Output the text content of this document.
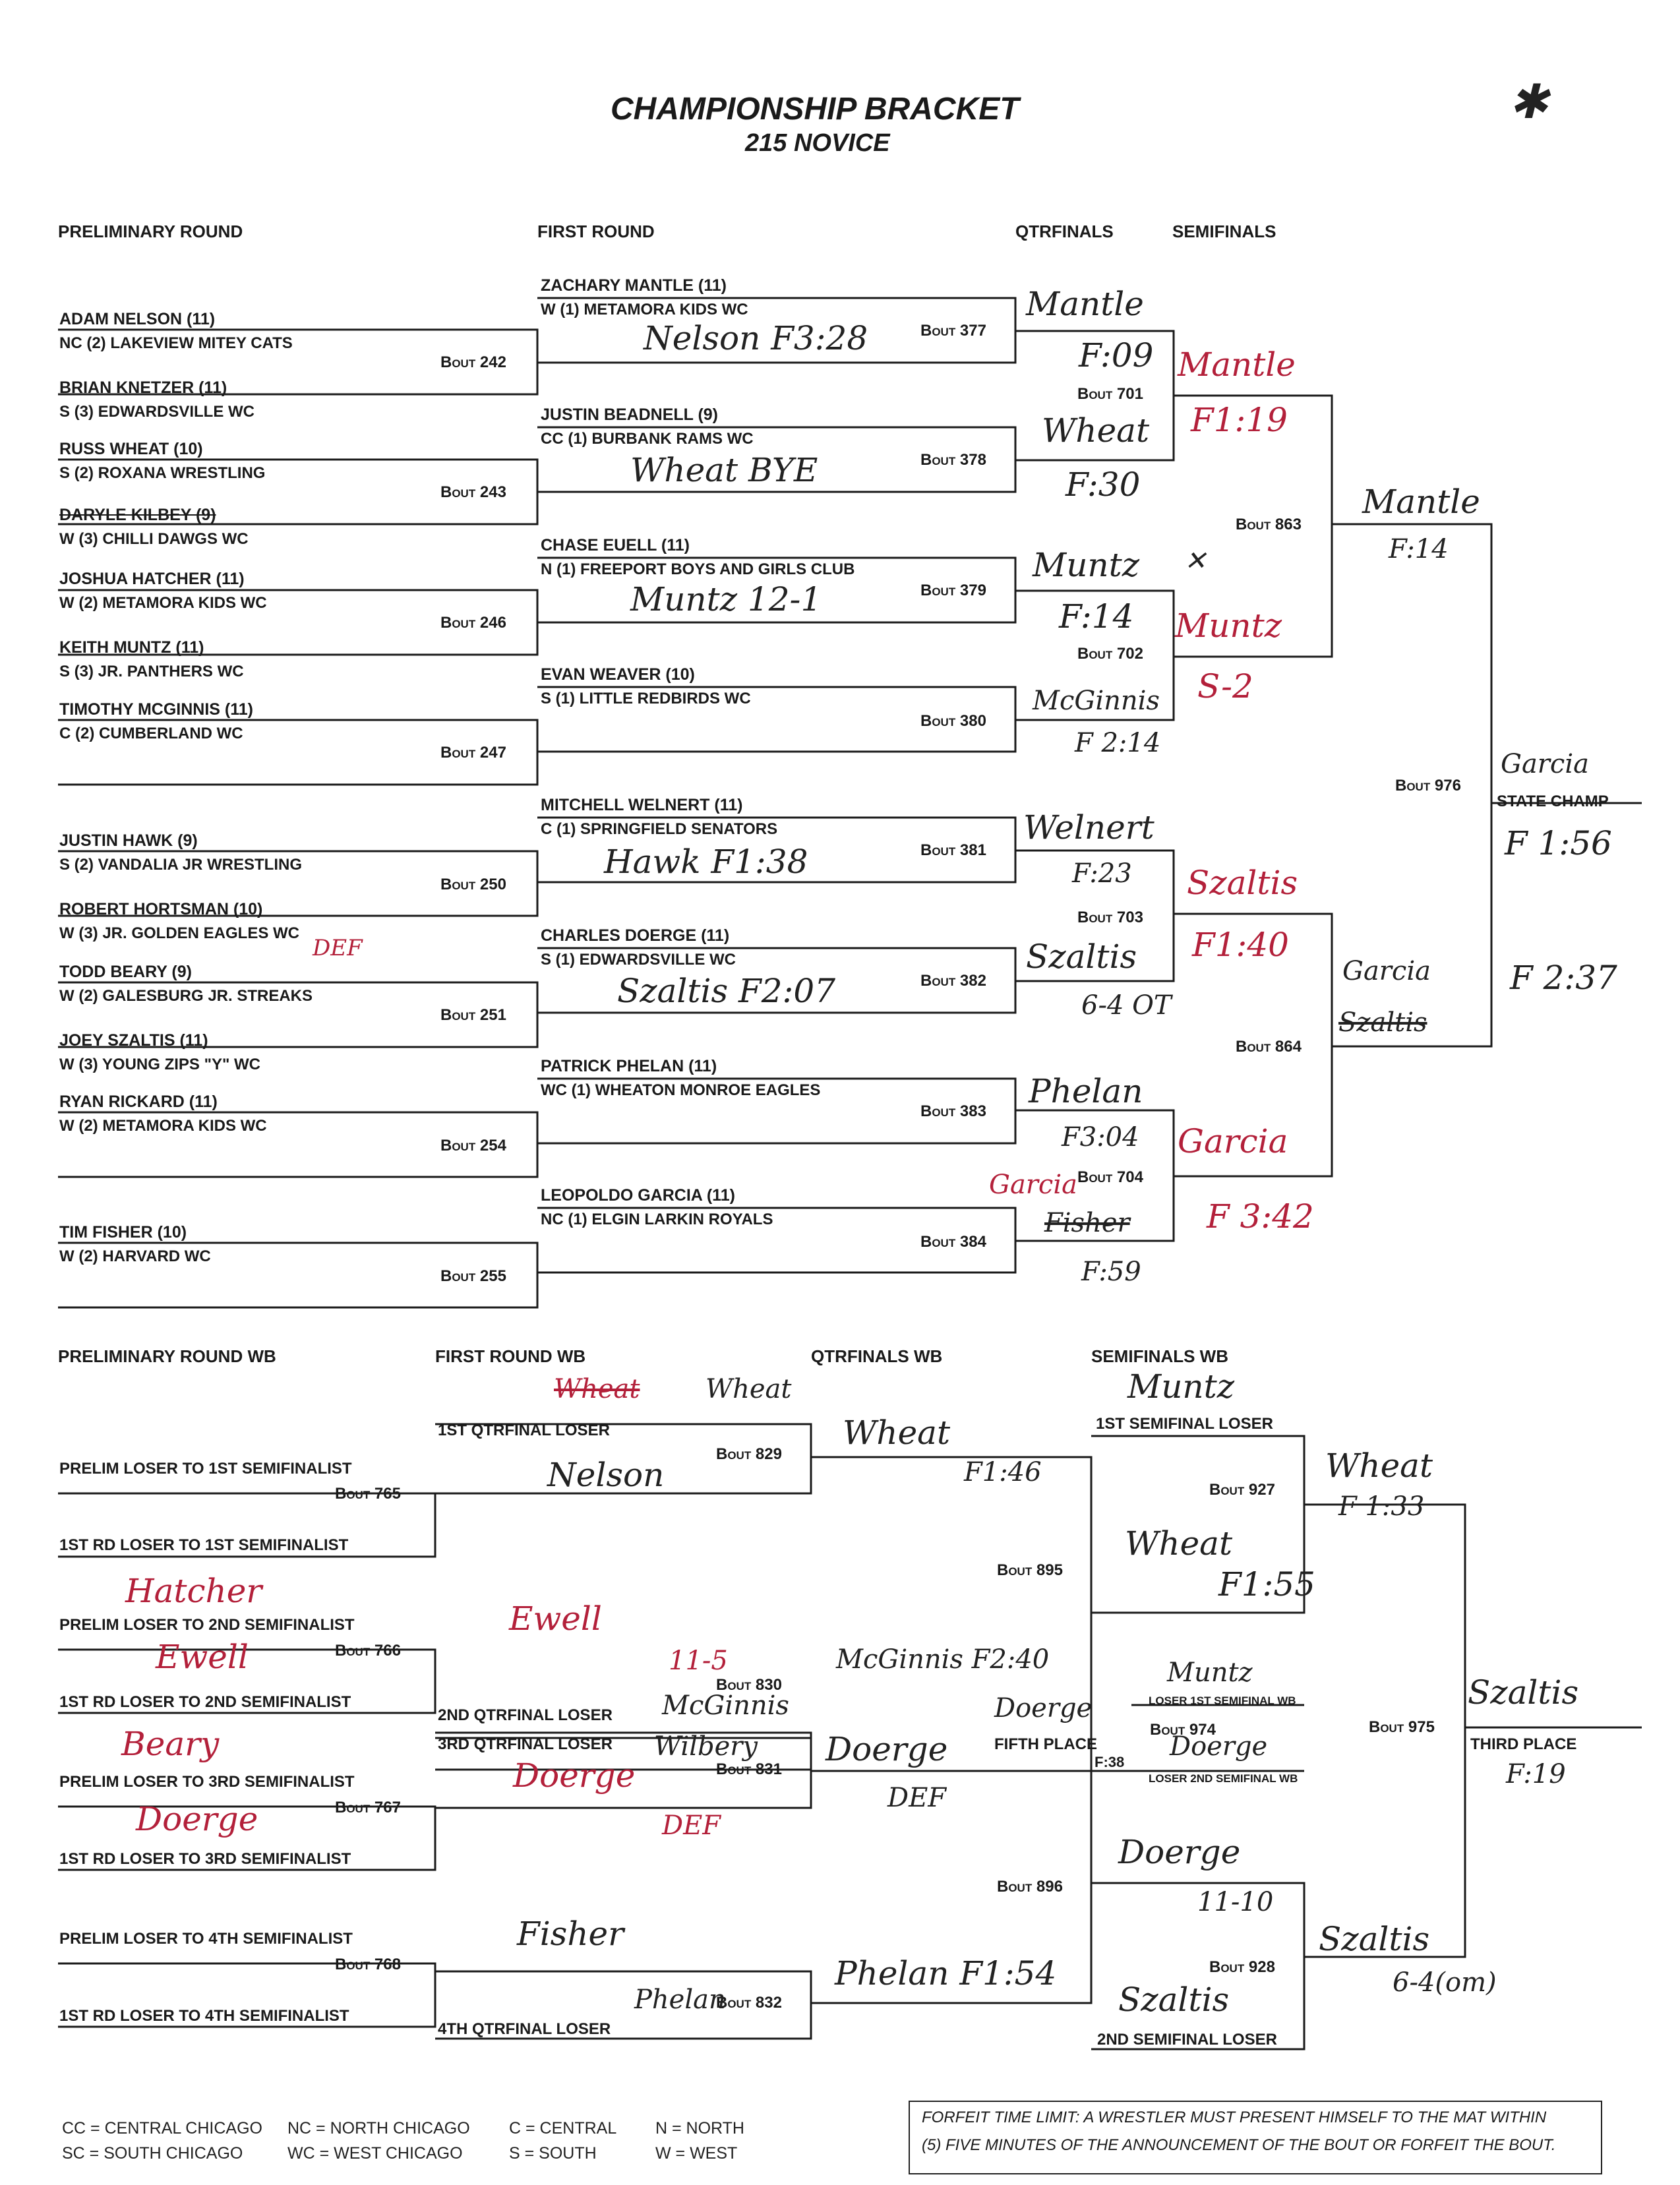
CHAMPIONSHIP BRACKET
215 NOVICE
✱
PRELIMINARY ROUND	FIRST ROUND	QTRFINALS	SEMIFINALS
ADAM NELSON (11)
NC (2) LAKEVIEW MITEY CATS
BRIAN KNETZER (11)
S (3) EDWARDSVILLE WC
RUSS WHEAT (10)
S (2) ROXANA WRESTLING
DARYLE KILBEY (9)
W (3) CHILLI DAWGS WC
JOSHUA HATCHER (11)
W (2) METAMORA KIDS WC
KEITH MUNTZ (11)
S (3) JR. PANTHERS WC
TIMOTHY MCGINNIS (11)
C (2) CUMBERLAND WC
JUSTIN HAWK (9)
S (2) VANDALIA JR WRESTLING
ROBERT HORTSMAN (10)
W (3) JR. GOLDEN EAGLES WC
TODD BEARY (9)
W (2) GALESBURG JR. STREAKS
JOEY SZALTIS (11)
W (3) YOUNG ZIPS "Y" WC
RYAN RICKARD (11)
W (2) METAMORA KIDS WC
TIM FISHER (10)
W (2) HARVARD WC
ZACHARY MANTLE (11)
W (1) METAMORA KIDS WC
JUSTIN BEADNELL (9)
CC (1) BURBANK RAMS WC
CHASE EUELL (11)
N (1) FREEPORT BOYS AND GIRLS CLUB
EVAN WEAVER (10)
S (1) LITTLE REDBIRDS WC
MITCHELL WELNERT (11)
C (1) SPRINGFIELD SENATORS
CHARLES DOERGE (11)
S (1) EDWARDSVILLE WC
PATRICK PHELAN (11)
WC (1) WHEATON MONROE EAGLES
LEOPOLDO GARCIA (11)
NC (1) ELGIN LARKIN ROYALS
Bout 242
Bout 243
Bout 246
Bout 247
Bout 250
Bout 251
Bout 254
Bout 255
Bout 377
Bout 378
Bout 379
Bout 380
Bout 381
Bout 382
Bout 383
Bout 384
Bout 701
Bout 702
Bout 703
Bout 704
Bout 863
Bout 864
Bout 976
STATE CHAMP
Nelson F3:28
Wheat BYE
Muntz 12-1
Hawk F1:38
Szaltis F2:07
Mantle
F:09
Wheat
F:30
Muntz ✕
F:14
McGinnis
F 2:14
Welnert
F:23
Szaltis
6-4 OT
Phelan
F3:04
Garcia
Fisher
F:59
Mantle
F1:19
Muntz
S-2
Szaltis
F1:40
Garcia
F 3:42
Mantle
F:14
Garcia
Szaltis
Garcia
F 1:56
F 2:37
PRELIMINARY ROUND WB	FIRST ROUND WB	QTRFINALS WB	SEMIFINALS WB
PRELIM LOSER TO 1ST SEMIFINALIST
1ST RD LOSER TO 1ST SEMIFINALIST
PRELIM LOSER TO 2ND SEMIFINALIST
1ST RD LOSER TO 2ND SEMIFINALIST
PRELIM LOSER TO 3RD SEMIFINALIST
1ST RD LOSER TO 3RD SEMIFINALIST
PRELIM LOSER TO 4TH SEMIFINALIST
1ST RD LOSER TO 4TH SEMIFINALIST
1ST QTRFINAL LOSER
2ND QTRFINAL LOSER
3RD QTRFINAL LOSER
4TH QTRFINAL LOSER
1ST SEMIFINAL LOSER
2ND SEMIFINAL LOSER
LOSER 1ST SEMIFINAL WB
LOSER 2ND SEMIFINAL WB
FIFTH PLACE	THIRD PLACE
Bout 765
Bout 766
Bout 767
Bout 768
Bout 829
Bout 830
Bout 831
Bout 832
Bout 895
Bout 896
Bout 927
Bout 928
Bout 974	Bout 975
Wheat Wheat
Nelson
Wheat
F1:46
Hatcher
Ewell
Ewell
11-5
McGinnis
Wilbery
McGinnis F2:40
Beary
Doerge
Doerge
DEF
Doerge
DEF
Muntz
Wheat
F1:55
Wheat
F 1:33
Muntz
Doerge
Doerge
F:38
Fisher
Phelan
Phelan F1:54
Doerge
11-10
Szaltis
Szaltis
6-4(om)
Szaltis
F:19
DEF
CC = CENTRAL CHICAGO
SC = SOUTH CHICAGO
NC = NORTH CHICAGO
WC = WEST CHICAGO
C = CENTRAL
S = SOUTH
N = NORTH
W = WEST
FORFEIT TIME LIMIT: A WRESTLER MUST PRESENT HIMSELF TO THE MAT WITHIN
(5) FIVE MINUTES OF THE ANNOUNCEMENT OF THE BOUT OR FORFEIT THE BOUT.
